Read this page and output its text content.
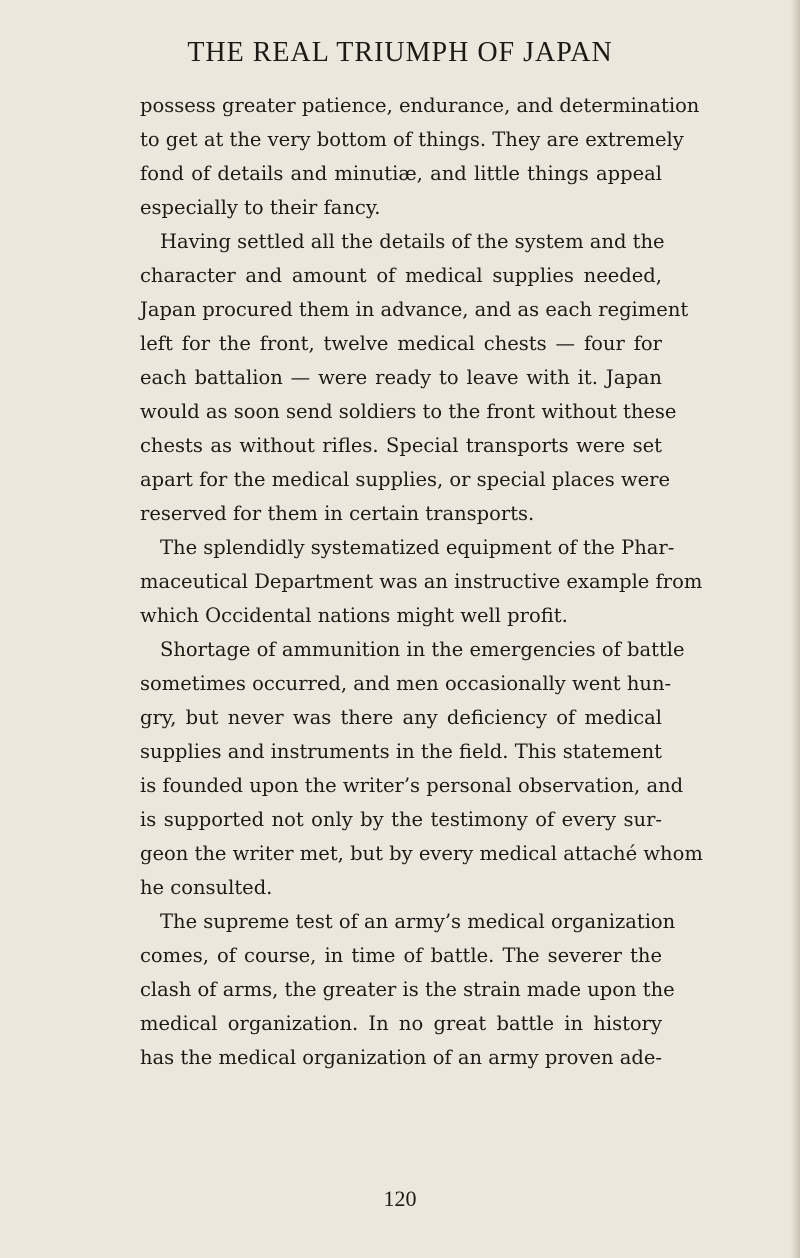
THE REAL TRIUMPH OF JAPAN
possess greater patience, endurance, and determination
to get at the very bottom of things. They are extremely
fond of details and minutiæ, and little things appeal
especially to their fancy.
Having settled all the details of the system and the
character and amount of medical supplies needed,
Japan procured them in advance, and as each regiment
left for the front, twelve medical chests — four for
each battalion — were ready to leave with it. Japan
would as soon send soldiers to the front without these
chests as without rifles. Special transports were set
apart for the medical supplies, or special places were
reserved for them in certain transports.
The splendidly systematized equipment of the Phar-
maceutical Department was an instructive example from
which Occidental nations might well profit.
Shortage of ammunition in the emergencies of battle
sometimes occurred, and men occasionally went hun-
gry, but never was there any deficiency of medical
supplies and instruments in the field. This statement
is founded upon the writer’s personal observation, and
is supported not only by the testimony of every sur-
geon the writer met, but by every medical attaché whom
he consulted.
The supreme test of an army’s medical organization
comes, of course, in time of battle. The severer the
clash of arms, the greater is the strain made upon the
medical organization. In no great battle in history
has the medical organization of an army proven ade-
120
